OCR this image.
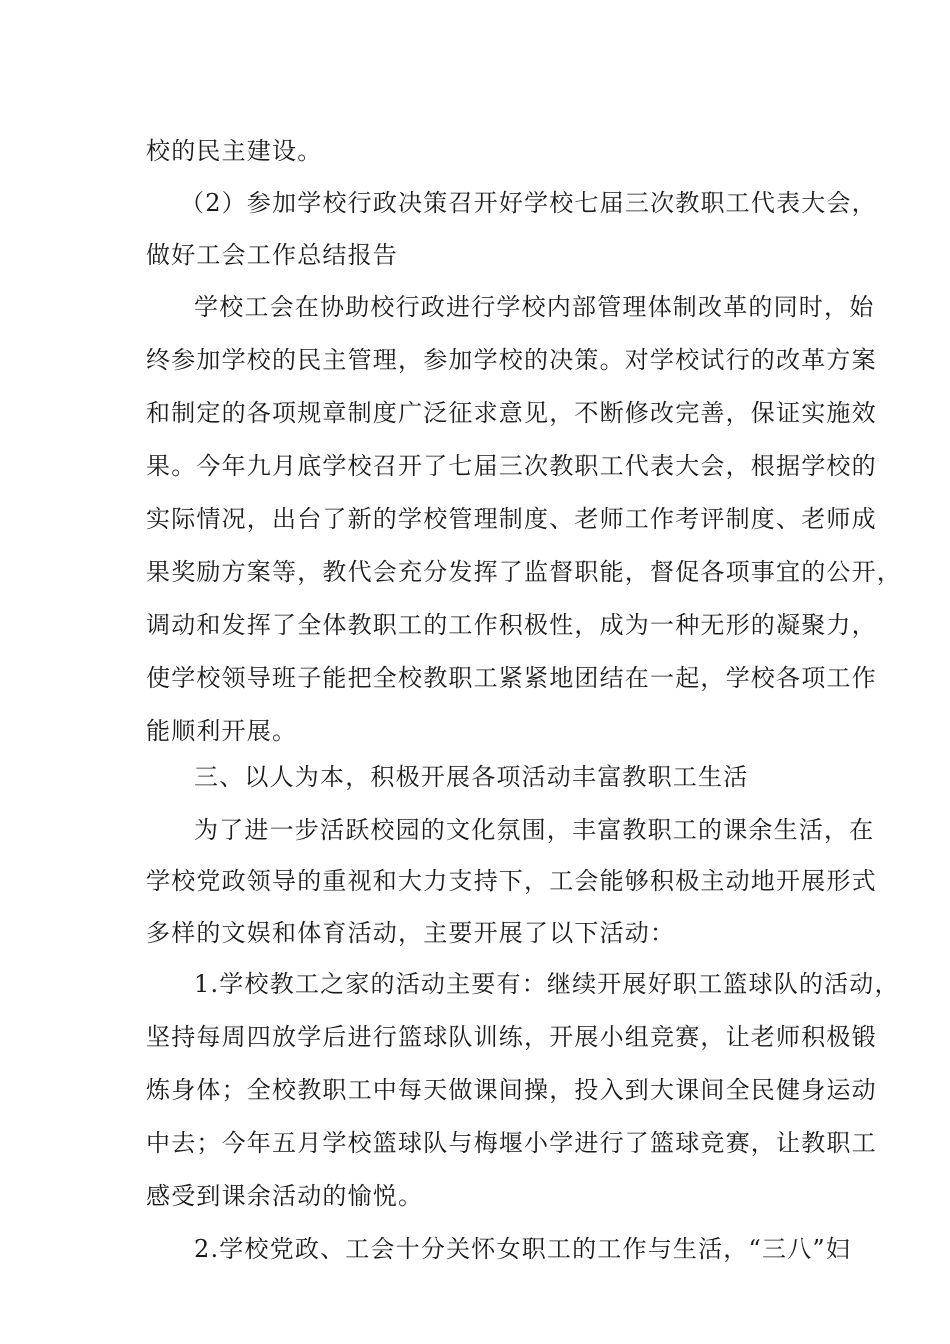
校的民主建设。
（2）参加学校行政决策召开好学校七届三次教职工代表大会，
做好工会工作总结报告
学校工会在协助校行政进行学校内部管理体制改革的同时，始
终参加学校的民主管理，参加学校的决策。对学校试行的改革方案
和制定的各项规章制度广泛征求意见，不断修改完善，保证实施效
果。今年九月底学校召开了七届三次教职工代表大会，根据学校的
实际情况，出台了新的学校管理制度、老师工作考评制度、老师成
果奖励方案等，教代会充分发挥了监督职能，督促各项事宜的公开，
调动和发挥了全体教职工的工作积极性，成为一种无形的凝聚力，
使学校领导班子能把全校教职工紧紧地团结在一起，学校各项工作
能顺利开展。
三、以人为本，积极开展各项活动丰富教职工生活
为了进一步活跃校园的文化氛围，丰富教职工的课余生活，在
学校党政领导的重视和大力支持下，工会能够积极主动地开展形式
多样的文娱和体育活动，主要开展了以下活动：
1.学校教工之家的活动主要有：继续开展好职工篮球队的活动，
坚持每周四放学后进行篮球队训练，开展小组竞赛，让老师积极锻
炼身体；全校教职工中每天做课间操，投入到大课间全民健身运动
中去；今年五月学校篮球队与梅堰小学进行了篮球竞赛，让教职工
感受到课余活动的愉悦。
2.学校党政、工会十分关怀女职工的工作与生活，“三八”妇
